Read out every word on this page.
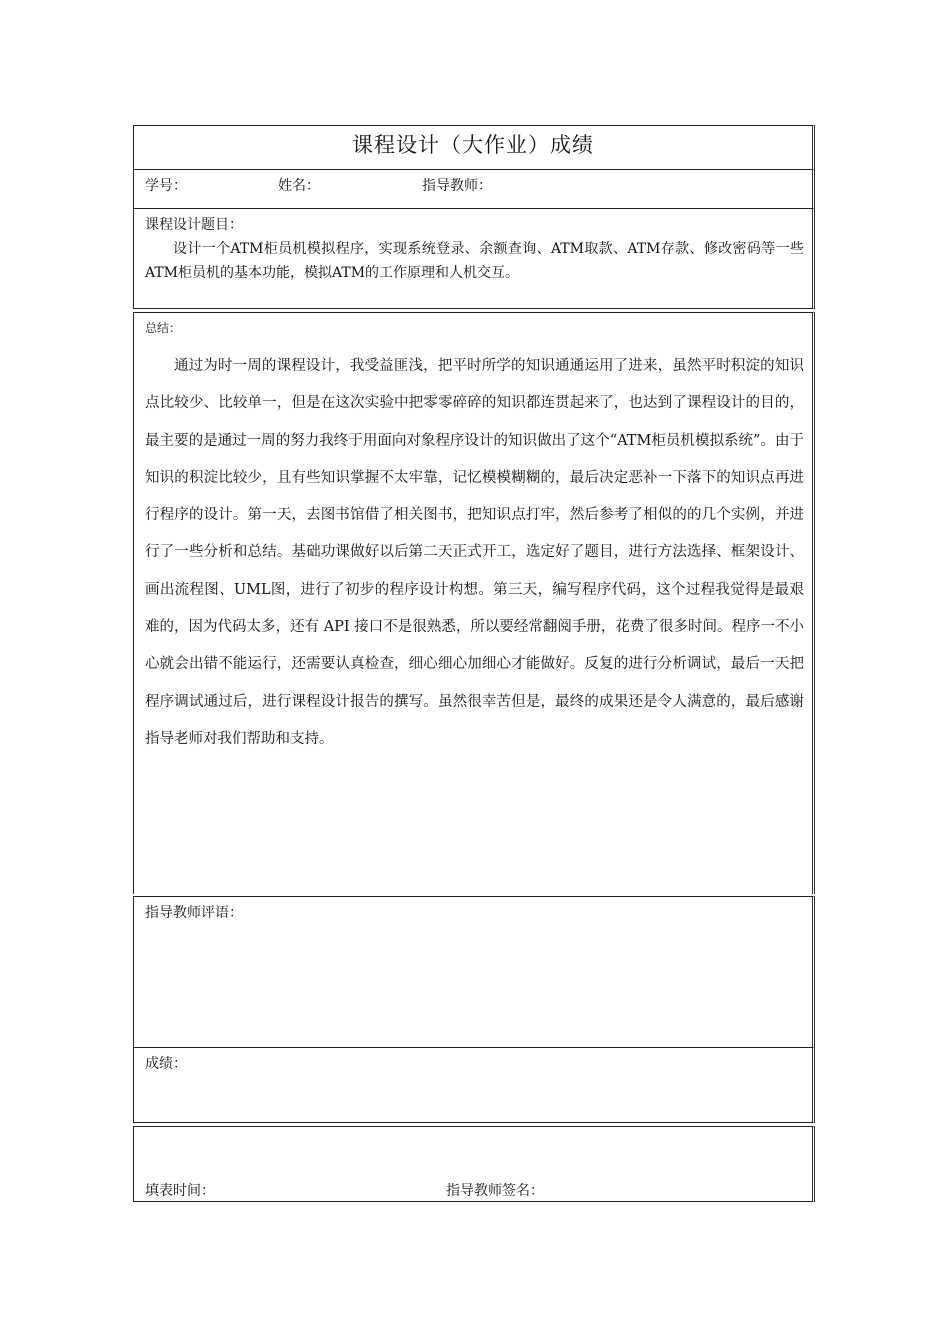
课程设计（大作业）成绩
学号：	姓名：	指导教师：
课程设计题目：
设计一个ATM柜员机模拟程序，实现系统登录、余额查询、ATM取款、ATM存款、修改密码等一些ATM柜员机的基本功能，模拟ATM的工作原理和人机交互。
总结：
通过为时一周的课程设计，我受益匪浅，把平时所学的知识通通运用了进来，虽然平时积淀的知识点比较少、比较单一，但是在这次实验中把零零碎碎的知识都连贯起来了，也达到了课程设计的目的，最主要的是通过一周的努力我终于用面向对象程序设计的知识做出了这个“ATM柜员机模拟系统”。由于知识的积淀比较少，且有些知识掌握不太牢靠，记忆模模糊糊的，最后决定恶补一下落下的知识点再进行程序的设计。第一天，去图书馆借了相关图书，把知识点打牢，然后参考了相似的的几个实例，并进行了一些分析和总结。基础功课做好以后第二天正式开工，选定好了题目，进行方法选择、框架设计、画出流程图、UML图，进行了初步的程序设计构想。第三天，编写程序代码，这个过程我觉得是最艰难的，因为代码太多，还有 API 接口不是很熟悉，所以要经常翻阅手册，花费了很多时间。程序一不小心就会出错不能运行，还需要认真检查，细心细心加细心才能做好。反复的进行分析调试，最后一天把程序调试通过后，进行课程设计报告的撰写。虽然很幸苦但是，最终的成果还是令人满意的，最后感谢指导老师对我们帮助和支持。
指导教师评语：
成绩：
填表时间：	指导教师签名：
